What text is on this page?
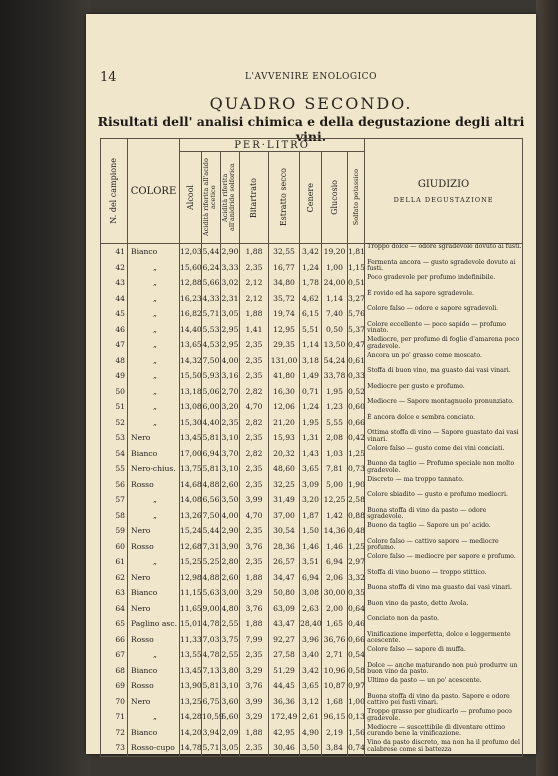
14	L'AVVENIRE ENOLOGICO
QUADRO SECONDO.
Risultati dell' analisi chimica e della degustazione degli altri vini.
N. del campione	COLORE	PER·LITRO								GIUDIZIO
DELLA DEGUSTAZIONE

		Alcool	Acidità riferita all'acido acetico	Acidità riferita all'anidride solforica	Bitartrato	Estratto secco	Cenere	Glucosio	Solfato potassico	

41	Bianco	12,03	5,44	2,90	1,88	32,55	3,42	19,20	1,81	Troppo dolce — odore sgradevole dovuto ai fusti.
42	„	15,60	6,24	3,33	2,35	16,77	1,24	1,00	1,15	Fermenta ancora — gusto sgradevole dovuto ai fusti.
43	„	12,88	5,66	3,02	2,12	34,80	1,78	24,00	0,51	Poco gradevole per profumo indefinibile.
44	„	16,23	4,33	2,31	2,12	35,72	4,62	1,14	3,27	È rovido ed ha sapore sgradevole.
45	„	16,82	5,71	3,05	1,88	19,74	6,15	7,40	5,76	Colore falso — odore e sapore sgradevoli.
46	„	14,40	5,53	2,95	1,41	12,95	5,51	0,50	5,37	Colore eccellente — poco sapido — profumo vinato.
47	„	13,65	4,53	2,95	2,35	29,35	1,14	13,50	0,47	Mediocre, per profumo di foglie d'amarena poco gradevole.
48	„	14,32	7,50	4,00	2,35	131,00	3,18	54,24	0,61	Ancora un po' grasso come moscato.
49	„	15,50	5,93	3,16	2,35	41,80	1,49	33,78	0,33	Stoffa di buon vino, ma guasto dai vasi vinari.
50	„	13,18	5,06	2,70	2,82	16,30	0,71	1,95	0,52	Mediocre per gusto e profumo.
51	„	13,08	6,00	3,20	4,70	12,06	1,24	1,23	0,60	Mediocre — Sapore montagnuolo pronunziato.
52	„	15,30	4,40	2,35	2,82	21,20	1,95	5,55	0,66	È ancora dolce e sembra conciato.
53	Nero	13,45	5,81	3,10	2,35	15,93	1,31	2,08	0,42	Ottima stoffa di vino — Sapore guastato dai vasi vinari.
54	Bianco	17,00	6,94	3,70	2,82	20,32	1,43	1,03	1,25	Colore falso — gusto come dei vini conciati.
55	Nero-chius.	13,75	5,81	3,10	2,35	48,60	3,65	7,81	0,73	Buono da taglio — Profumo speciale non molto gradevole.
56	Rosso	14,68	4,88	2,60	2,35	32,25	3,09	5,00	1,90	Discreto — ma troppo tannato.
57	„	14,08	6,56	3,50	3,99	31,49	3,20	12,25	2,58	Colore sbiadito — gusto e profumo mediocri.
58	„	13,26	7,50	4,00	4,70	37,00	1,87	1,42	0,88	Buona stoffa di vino da pasto — odore sgradevole.
59	Nero	15,24	5,44	2,90	2,35	30,54	1,50	14,36	0,48	Buono da taglio — Sapore un po' acido.
60	Rosso	12,68	7,31	3,90	3,76	28,36	1,46	1,46	1,25	Colore falso — cattivo sapore — mediocre profumo.
61	„	15,25	5,25	2,80	2,35	26,57	3,51	6,94	2,97	Colore falso — mediocre per sapore e profumo.
62	Nero	12,98	4,88	2,60	1,88	34,47	6,94	2,06	3,32	Stoffa di vino buono — troppo stittico.
63	Bianco	11,15	5,63	3,00	3,29	50,80	3,08	30,00	0,35	Buona stoffa di vino ma guasto dai vasi vinari.
64	Nero	11,65	9,00	4,80	3,76	63,09	2,63	2,00	0,64	Buon vino da pasto, detto Avola.
65	Paglino asc.	15,01	4,78	2,55	1,88	43,47	28,40	1,65	0,46	Conciato non da pasto.
66	Rosso	11,33	7,03	3,75	7,99	92,27	3,96	36,76	0,66	Vinificazione imperfetta, dolce e leggermente acescente.
67	„	13,55	4,78	2,55	2,35	27,58	3,40	2,71	0,54	Colore falso — sapore di muffa.
68	Bianco	13,45	7,13	3,80	3,29	51,29	3,42	10,96	0,58	Dolce — anche maturando non può produrre un buon vino da pasto.
69	Rosso	13,90	5,81	3,10	3,76	44,45	3,65	10,87	0,97	Ultimo da pasto — un po' acescente.
70	Nero	13,25	6,75	3,60	3,99	36,36	3,12	1,68	1,00	Buona stoffa di vino da pasto. Sapore e odore cattivo pei fusti vinari.
71	„	14,28	10,59	5,60	3,29	172,49	2,61	96,15	0,13	Troppo grasso per giudicarlo — profumo poco gradevole.
72	Bianco	14,20	3,94	2,09	1,88	42,95	4,90	2,19	1,56	Mediocre — suscettibile di diventare ottimo curando bene la vinificazione.
73	Rosso-cupo	14,78	5,71	3,05	2,35	30,46	3,50	3,84	0,74	Vino da pasto discreto, ma non ha il profumo del calabrese come si battezza
